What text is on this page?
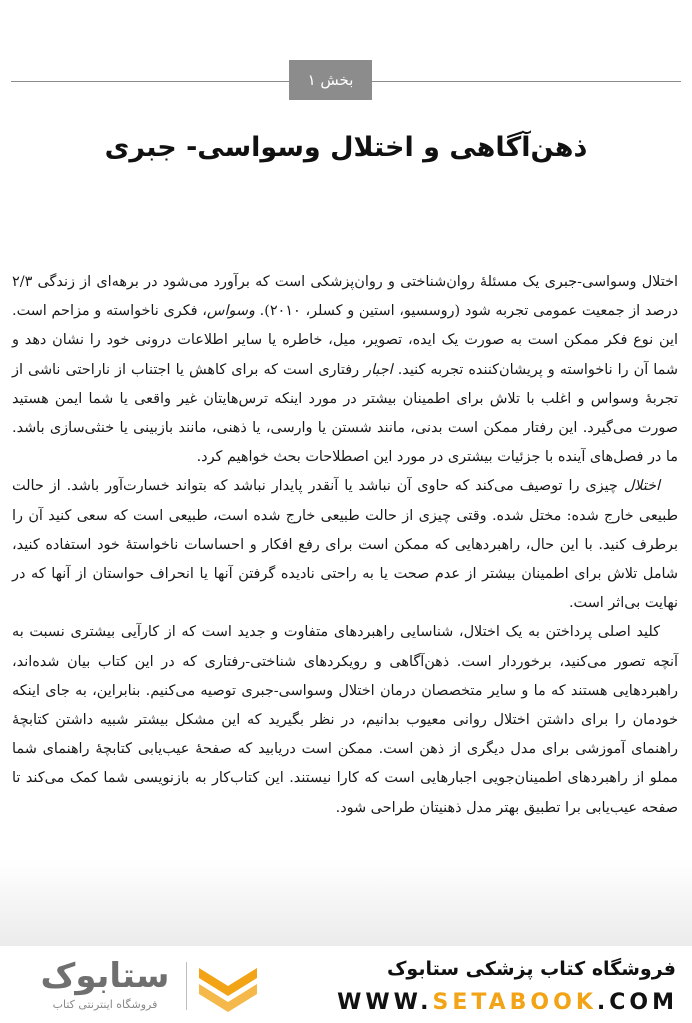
بخش ۱
ذهن‌آگاهی و اختلال وسواسی- جبری

اختلال وسواسی-جبری یک مسئلهٔ روان‌شناختی و روان‌پزشکی است که برآورد می‌شود در برهه‌ای از زندگی ۲/۳ درصد از جمعیت عمومی تجربه شود (روسسیو، استین و کسلر، ۲۰۱۰). وسواس، فکری ناخواسته و مزاحم است. این نوع فکر ممکن است به صورت یک ایده، تصویر، میل، خاطره یا سایر اطلاعات درونی خود را نشان دهد و شما آن را ناخواسته و پریشان‌کننده تجربه کنید. اجبار رفتاری است که برای کاهش یا اجتناب از ناراحتی ناشی از تجربهٔ وسواس و اغلب با تلاش برای اطمینان بیشتر در مورد اینکه ترس‌هایتان غیر واقعی یا شما ایمن هستید صورت می‌گیرد. این رفتار ممکن است بدنی، مانند شستن یا وارسی، یا ذهنی، مانند بازبینی یا خنثی‌سازی باشد. ما در فصل‌های آینده با جزئیات بیشتری در مورد این اصطلاحات بحث خواهیم کرد.

اختلال چیزی را توصیف می‌کند که حاوی آن نباشد یا آنقدر پایدار نباشد که بتواند خسارت‌آور باشد. از حالت طبیعی خارج شده: مختل شده. وقتی چیزی از حالت طبیعی خارج شده است، طبیعی است که سعی کنید آن را برطرف کنید. با این حال، راهبردهایی که ممکن است برای رفع افکار و احساسات ناخواستهٔ خود استفاده کنید، شامل تلاش برای اطمینان بیشتر از عدم صحت یا به راحتی نادیده گرفتن آنها یا انحراف حواستان از آنها که در نهایت بی‌اثر است.

کلید اصلی پرداختن به یک اختلال، شناسایی راهبردهای متفاوت و جدید است که از کارآیی بیشتری نسبت به آنچه تصور می‌کنید، برخوردار است. ذهن‌آگاهی و رویکردهای شناختی-رفتاری که در این کتاب بیان شده‌اند، راهبردهایی هستند که ما و سایر متخصصان درمان اختلال وسواسی-جبری توصیه می‌کنیم. بنابراین، به جای اینکه خودمان را برای داشتن اختلال روانی معیوب بدانیم، در نظر بگیرید که این مشکل بیشتر شبیه داشتن کتابچهٔ راهنمای آموزشی برای مدل دیگری از ذهن است. ممکن است دریابید که صفحهٔ عیب‌یابی کتابچهٔ راهنمای شما مملو از راهبردهای اطمینان‌جویی اجبارهایی است که کارا نیستند. این کتاب‌کار به بازنویسی شما کمک می‌کند تا صفحه عیب‌یابی برا تطبیق بهتر مدل ذهنیتان طراحی شود.

فروشگاه کتاب پزشکی ستابوک
WWW.SETABOOK.COM
ستابوک
فروشگاه اینترنتی کتاب
